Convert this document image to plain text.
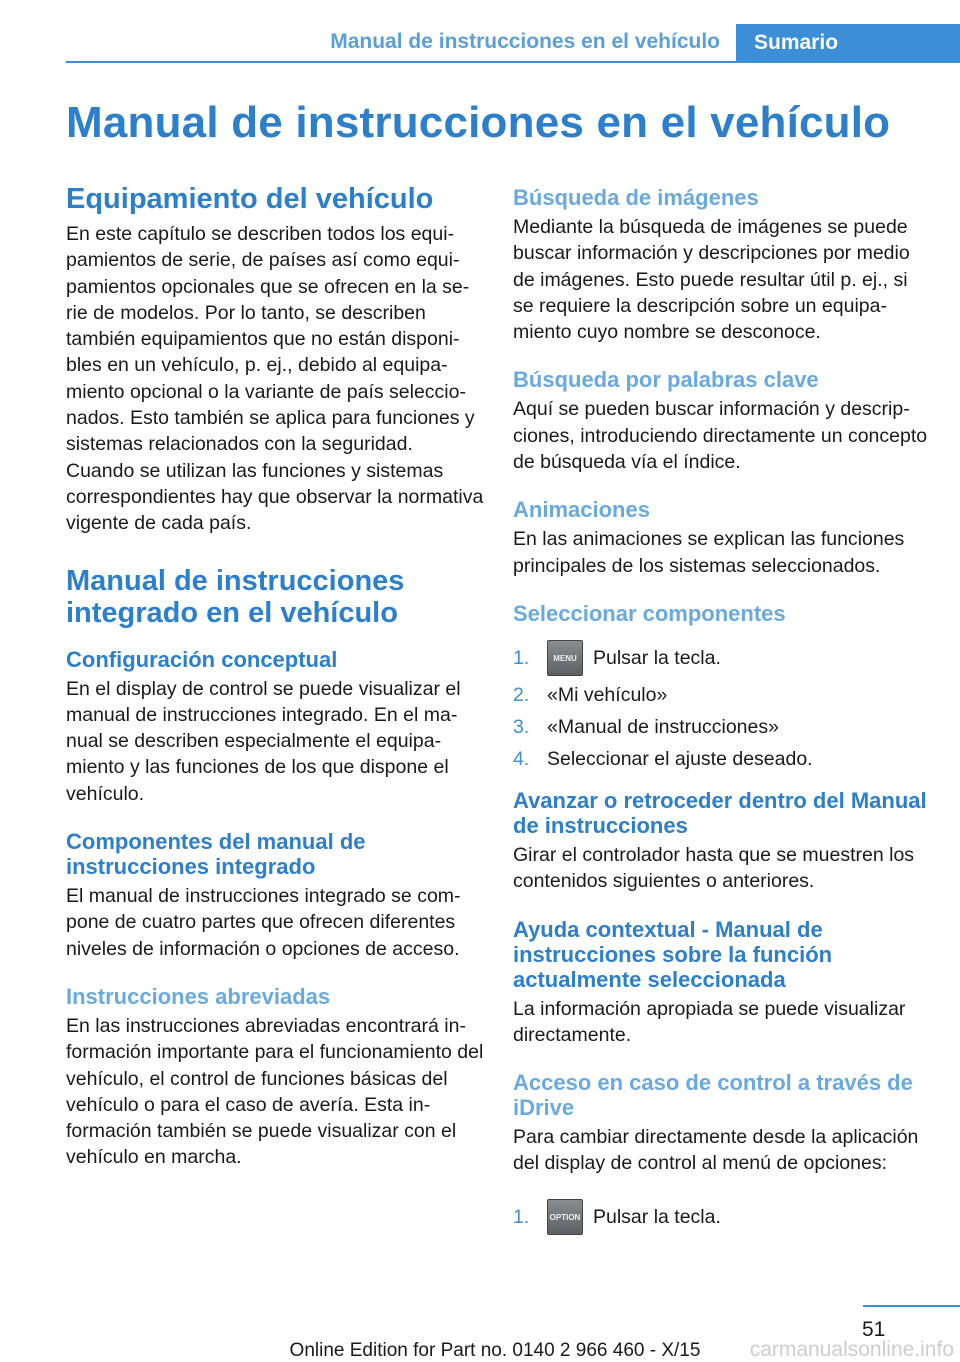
Manual de instrucciones en el vehículo	Sumario
Manual de instrucciones en el vehículo
Equipamiento del vehículo

En este capítulo se describen todos los equipamientos de serie, de países así como equipamientos opcionales que se ofrecen en la serie de modelos. Por lo tanto, se describen también equipamientos que no están disponibles en un vehículo, p. ej., debido al equipamiento opcional o la variante de país seleccionados. Esto también se aplica para funciones y sistemas relacionados con la seguridad. Cuando se utilizan las funciones y sistemas correspondientes hay que observar la normativa vigente de cada país.

Manual de instrucciones integrado en el vehículo
Configuración conceptual

En el display de control se puede visualizar el manual de instrucciones integrado. En el manual se describen especialmente el equipamiento y las funciones de los que dispone el vehículo.

Componentes del manual de instrucciones integrado

El manual de instrucciones integrado se compone de cuatro partes que ofrecen diferentes niveles de información o opciones de acceso.

Instrucciones abreviadas

En las instrucciones abreviadas encontrará información importante para el funcionamiento del vehículo, el control de funciones básicas del vehículo o para el caso de avería. Esta información también se puede visualizar con el vehículo en marcha.

Búsqueda de imágenes

Mediante la búsqueda de imágenes se puede buscar información y descripciones por medio de imágenes. Esto puede resultar útil p. ej., si se requiere la descripción sobre un equipamiento cuyo nombre se desconoce.

Búsqueda por palabras clave

Aquí se pueden buscar información y descripciones, introduciendo directamente un concepto de búsqueda vía el índice.

Animaciones

En las animaciones se explican las funciones principales de los sistemas seleccionados.

Seleccionar componentes
1.	MENU Pulsar la tecla.
2. «Mi vehículo»
3. «Manual de instrucciones»
4. Seleccionar el ajuste deseado.
Avanzar o retroceder dentro del Manual de instrucciones

Girar el controlador hasta que se muestren los contenidos siguientes o anteriores.

Ayuda contextual - Manual de instrucciones sobre la función actualmente seleccionada

La información apropiada se puede visualizar directamente.

Acceso en caso de control a través de iDrive

Para cambiar directamente desde la aplicación del display de control al menú de opciones:

1.	OPTION Pulsar la tecla.
51
Online Edition for Part no. 0140 2 966 460 - X/15	carmanualsonline.info
